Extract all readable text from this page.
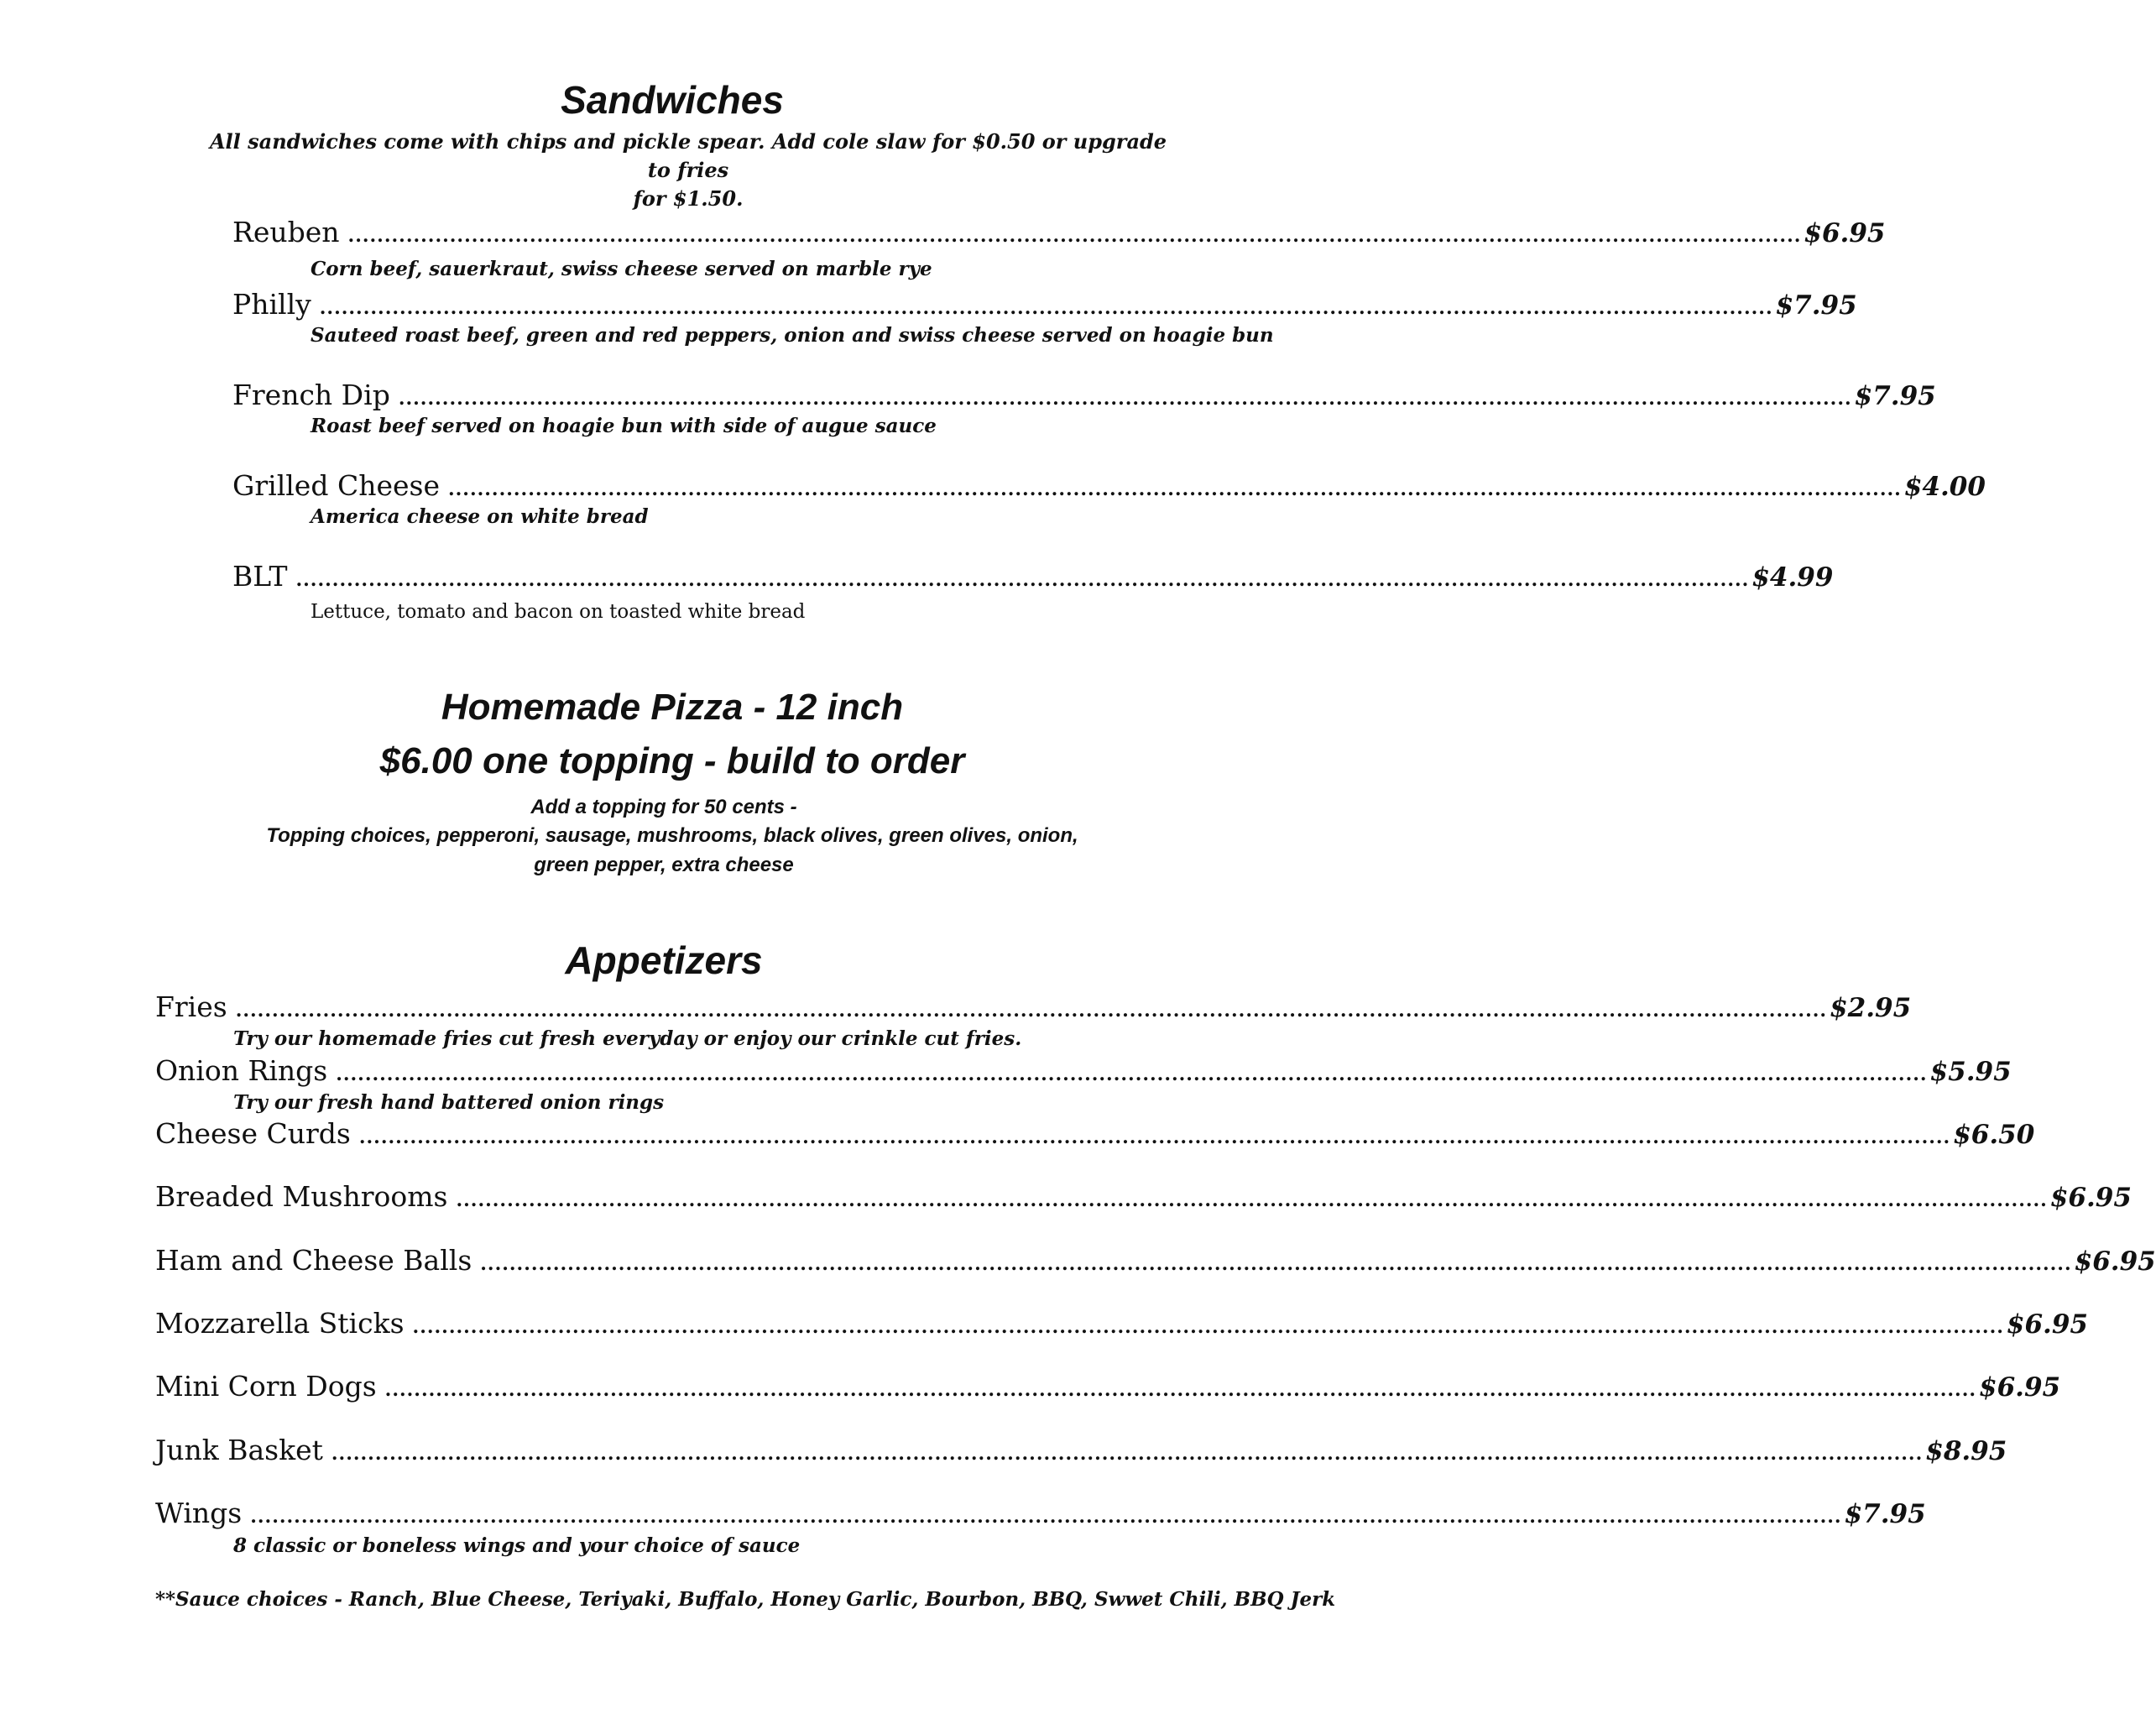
Sandwiches
All sandwiches come with chips and pickle spear. Add cole slaw for $0.50 or upgrade to fries
for $1.50.
Reuben ........................................................................................................................................................................................................ $6.95
Corn beef, sauerkraut, swiss cheese served on marble rye
Philly ........................................................................................................................................................................................................ $7.95
Sauteed roast beef, green and red peppers, onion and swiss cheese served on hoagie bun
French Dip ........................................................................................................................................................................................................ $7.95
Roast beef served on hoagie bun with side of augue sauce
Grilled Cheese ........................................................................................................................................................................................................ $4.00
America cheese on white bread
BLT ........................................................................................................................................................................................................ $4.99
Lettuce, tomato and bacon on toasted white bread
Homemade Pizza - 12 inch
$6.00 one topping - build to order
Add a topping for 50 cents -
Topping choices, pepperoni, sausage, mushrooms, black olives, green olives, onion,
green pepper, extra cheese
Appetizers
Fries ........................................................................................................................................................................................................................... $2.95
Try our homemade fries cut fresh everyday or enjoy our crinkle cut fries.
Onion Rings ........................................................................................................................................................................................................................... $5.95
Try our fresh hand battered onion rings
Cheese Curds ........................................................................................................................................................................................................................... $6.50
Breaded Mushrooms ........................................................................................................................................................................................................................... $6.95
Ham and Cheese Balls ........................................................................................................................................................................................................................... $6.95
Mozzarella Sticks ........................................................................................................................................................................................................................... $6.95
Mini Corn Dogs ........................................................................................................................................................................................................................... $6.95
Junk Basket ........................................................................................................................................................................................................................... $8.95
Wings ........................................................................................................................................................................................................................... $7.95
8 classic or boneless wings and your choice of sauce
**Sauce choices - Ranch, Blue Cheese, Teriyaki, Buffalo, Honey Garlic, Bourbon, BBQ, Swwet Chili, BBQ Jerk
